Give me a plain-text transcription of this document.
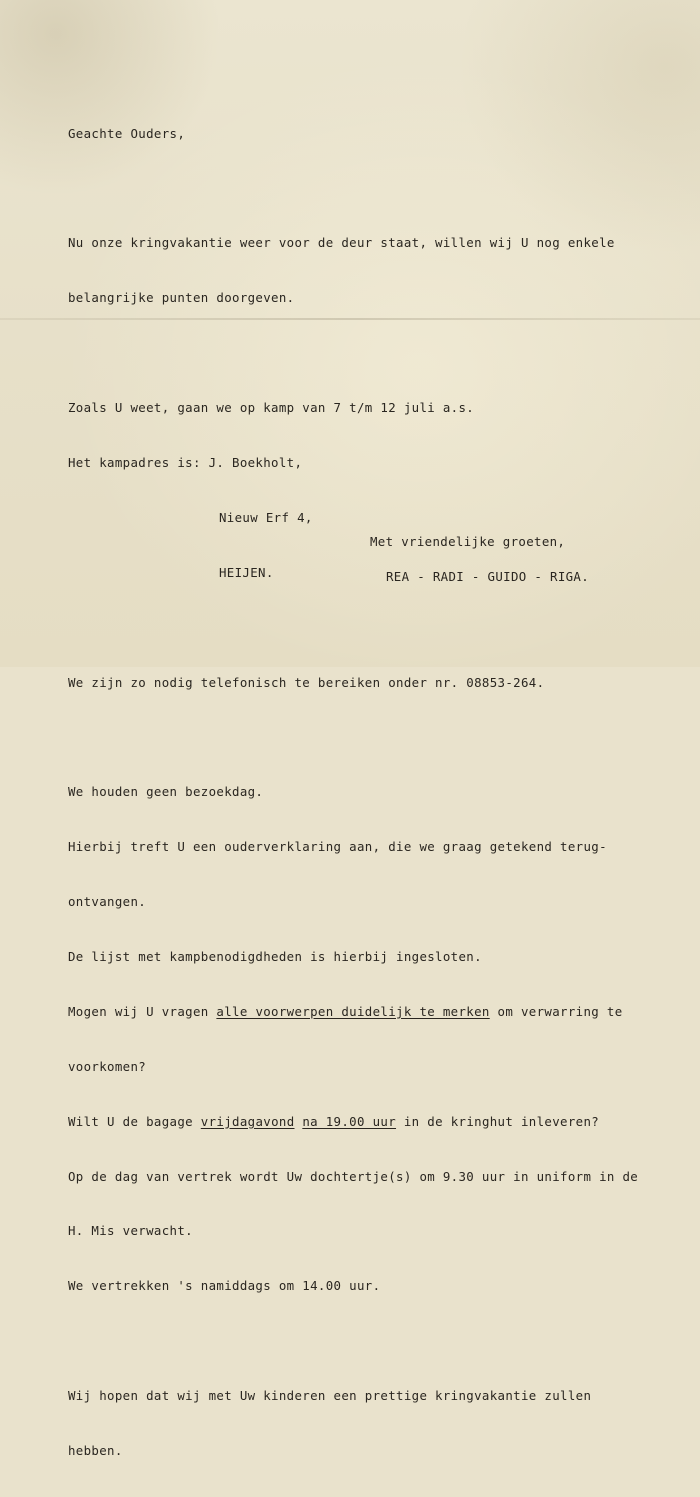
Geachte Ouders,

Nu onze kringvakantie weer voor de deur staat, willen wij U nog enkele

belangrijke punten doorgeven.

Zoals U weet, gaan we op kamp van 7 t/m 12 juli a.s.

Het kampadres is: J. Boekholt,

Nieuw Erf 4,

HEIJEN.

We zijn zo nodig telefonisch te bereiken onder nr. 08853-264.

We houden geen bezoekdag.

Hierbij treft U een ouderverklaring aan, die we graag getekend terug-

ontvangen.

De lijst met kampbenodigdheden is hierbij ingesloten.

Mogen wij U vragen alle voorwerpen duidelijk te merken om verwarring te

voorkomen?

Wilt U de bagage vrijdagavond na 19.00 uur in de kringhut inleveren?

Op de dag van vertrek wordt Uw dochtertje(s) om 9.30 uur in uniform in de

H. Mis verwacht.

We vertrekken 's namiddags om 14.00 uur.

Wij hopen dat wij met Uw kinderen een prettige kringvakantie zullen

hebben.

Met vriendelijke groeten,
REA - RADI - GUIDO - RIGA.
